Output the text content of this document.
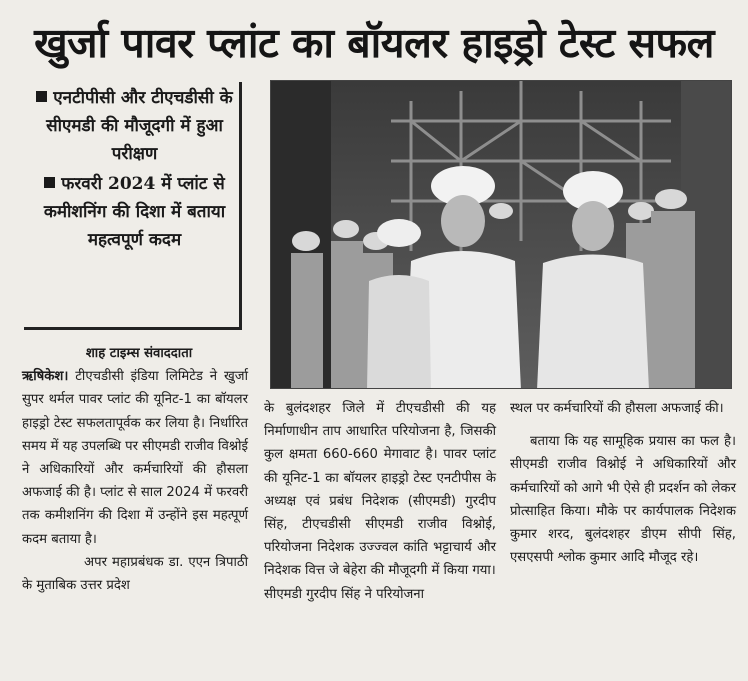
खुर्जा पावर प्लांट का बॉयलर हाइड्रो टेस्ट सफल
एनटीपीसी और टीएचडीसी के सीएमडी की मौजूदगी में हुआ परीक्षण
फरवरी 2024 में प्लांट से कमीशनिंग की दिशा में बताया महत्वपूर्ण कदम

शाह टाइम्स संवाददाता

ऋषिकेश। टीएचडीसी इंडिया लिमिटेड ने खुर्जा सुपर थर्मल पावर प्लांट की यूनिट-1 का बॉयलर हाइड्रो टेस्ट सफलतापूर्वक कर लिया है। निर्धारित समय में यह उपलब्धि पर सीएमडी राजीव विश्नोई ने अधिकारियों और कर्मचारियों की हौसला अफजाई की है। प्लांट से साल 2024 में फरवरी तक कमीशनिंग की दिशा में उन्होंने इस महत्पूर्ण कदम बताया है।

अपर महाप्रबंधक डा. एएन त्रिपाठी के मुताबिक उत्तर प्रदेश

के बुलंदशहर जिले में टीएचडीसी की यह निर्माणाधीन ताप आधारित परियोजना है, जिसकी कुल क्षमता 660-660 मेगावाट है। पावर प्लांट की यूनिट-1 का बॉयलर हाइड्रो टेस्ट एनटीपीस के अध्यक्ष एवं प्रबंध निदेशक (सीएमडी) गुरदीप सिंह, टीएचडीसी सीएमडी राजीव विश्नोई, परियोजना निदेशक उज्ज्वल कांति भट्टाचार्य और निदेशक वित्त जे बेहेरा की मौजूदगी में किया गया।

सीएमडी गुरदीप सिंह ने परियोजना

स्थल पर कर्मचारियों की हौसला अफजाई की।

बताया कि यह सामूहिक प्रयास का फल है। सीएमडी राजीव विश्नोई ने अधिकारियों और कर्मचारियों को आगे भी ऐसे ही प्रदर्शन को लेकर प्रोत्साहित किया। मौके पर कार्यपालक निदेशक कुमार शरद, बुलंदशहर डीएम सीपी सिंह, एसएसपी श्लोक कुमार आदि मौजूद रहे।
